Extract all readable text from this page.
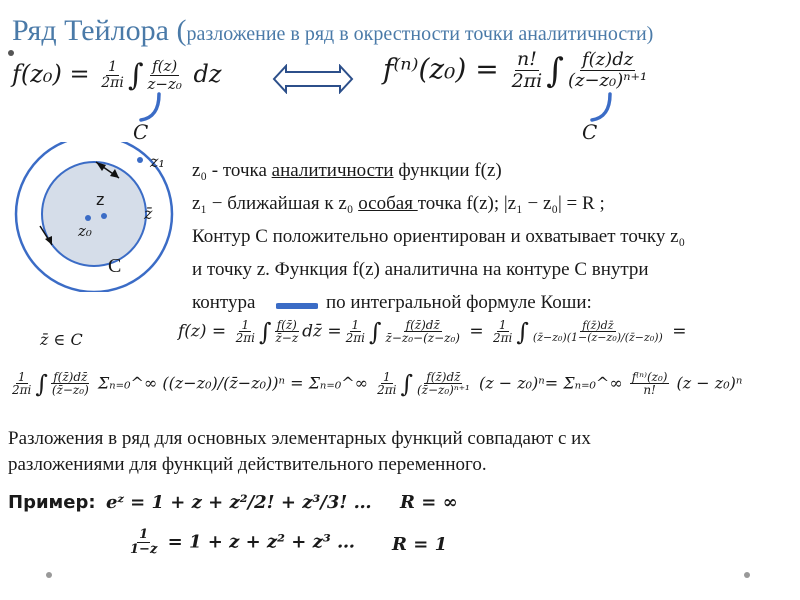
Ряд Тейлора (разложение в ряд в окрестности точки аналитичности)
$f(z_0) = \frac{1}{2\pi i}$ ∫ $\frac{f(z)}{\text{z−z₀}}$ dz
C
$f^{(n)}(z_0) = \frac{n!}{2\pi i}$ ∫ $\frac{f(z)dz}{\text{(z−z₀)ⁿ⁺¹}}$
C
z₁
z
z̄
z₀
C
z₀ - точка аналитичности функции f(z)
z₁ − ближайшая к z₀ особая точка f(z); |z₁ − z₀| = R ;
Контур C положительно ориентирован и охватывает точку z₀
и точку z. Функция f(z) аналитична на контуре C внутри
контура	по интегральной формуле Коши:
z̄ ∈ C	$f(z) = \frac{1}{2\pi i}$ ∫ $\frac{f(z̄)}{z̄-z}$ dz̄ = $\frac{1}{2\pi i}$ ∫ $\frac{f(z̄)dz̄}{\text{z̄−z₀−(z−z₀)}} = \frac{1}{2\pi i}$ ∫ $\frac{f(z̄)dz̄}{\text{(z̄−z₀)(1−(z−z₀)/(z̄−z₀))}}$ =
$\frac{1}{2\pi i}$ ∫ $\frac{f(z̄)dz̄}{\text{(z̄−z₀)}}$ Σₙ₌₀^∞ ((z−z₀)/(z̄−z₀))ⁿ = Σₙ₌₀^∞ $\frac{1}{2\pi i}$ ∫ $\frac{f(z̄)dz̄}{\text{(z̄−z₀)ⁿ⁺¹}} (z - z_0)^n=$ Σₙ₌₀^∞ $\frac{\text{f⁽ⁿ⁾(z₀)}}{n!} (z - z_0)^n$
Разложения в ряд для основных элементарных функций совпадают с их
разложениями для функций действительного переменного.
Пример: eᶻ = 1 + z + z²/2! + z³/3! … R = ∞
$\frac{1}{1-z} = 1 + z + z^2 + z^3$ … R = 1
